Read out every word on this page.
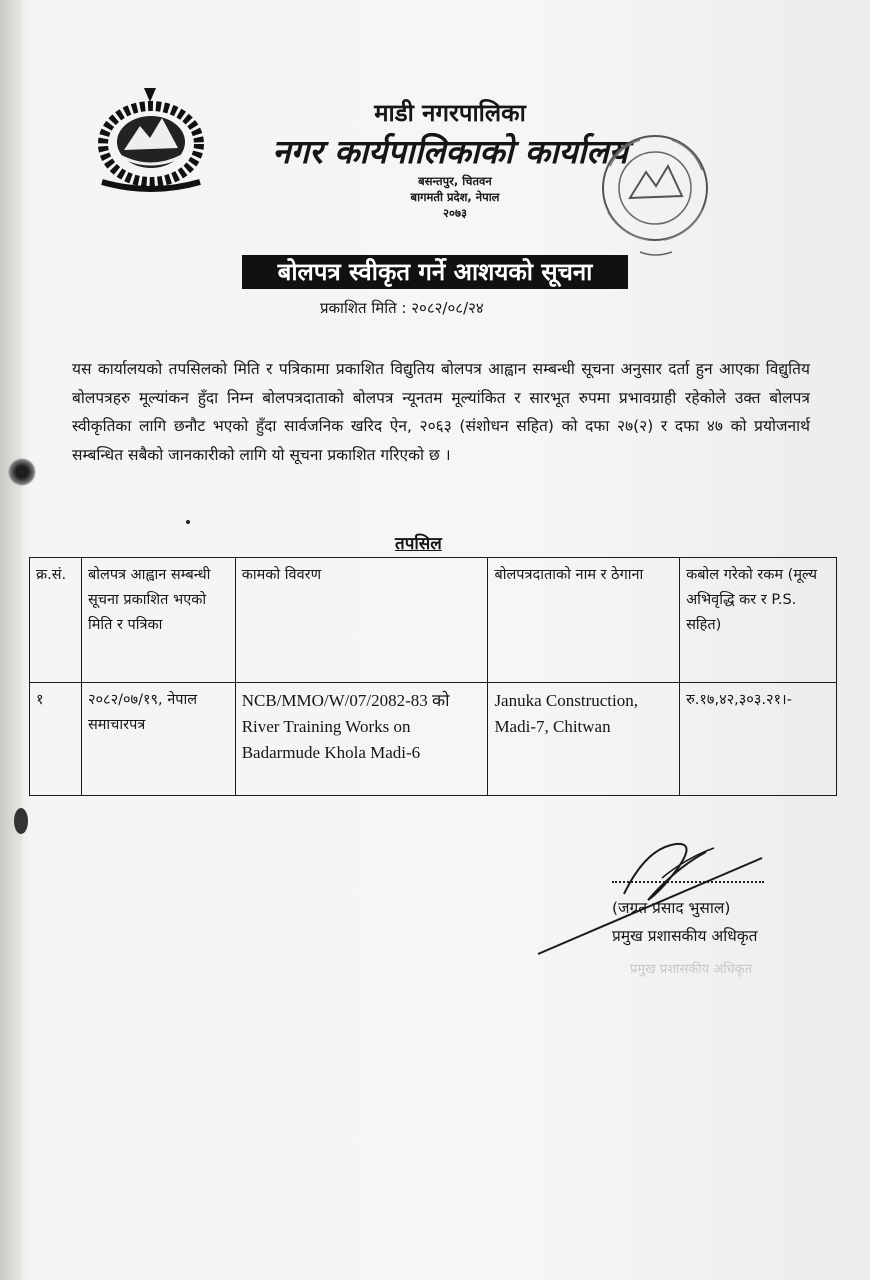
माडी नगरपालिका
नगर कार्यपालिकाको कार्यालय
बसन्तपुर, चितवन
बागमती प्रदेश, नेपाल
२०७३
बोलपत्र स्वीकृत गर्ने आशयको सूचना
प्रकाशित मिति : २०८२/०८/२४
यस कार्यालयको तपसिलको मिति र पत्रिकामा प्रकाशित विद्युतिय बोलपत्र आह्वान सम्बन्धी सूचना अनुसार दर्ता हुन आएका विद्युतिय बोलपत्रहरु मूल्यांकन हुँदा निम्न बोलपत्रदाताको बोलपत्र न्यूनतम मूल्यांकित र सारभूत रुपमा प्रभावग्राही रहेकोले उक्त बोलपत्र स्वीकृतिका लागि छनौट भएको हुँदा सार्वजनिक खरिद ऐन, २०६३ (संशोधन सहित) को दफा २७(२) र दफा ४७ को प्रयोजनार्थ सम्बन्धित सबैको जानकारीको लागि यो सूचना प्रकाशित गरिएको छ ।
तपसिल
क्र.सं.	बोलपत्र आह्वान सम्बन्धी सूचना प्रकाशित भएको मिति र पत्रिका	कामको विवरण	बोलपत्रदाताको नाम र ठेगाना	कबोल गरेको रकम (मूल्य अभिवृद्धि कर र P.S. सहित)
१	२०८२/०७/१९, नेपाल समाचारपत्र	NCB/MMO/W/07/2082-83 को River Training Works on Badarmude Khola Madi-6	Januka Construction, Madi-7, Chitwan	रु.१७,४२,३०३.२१।-
(जग्रत प्रसाद भुसाल)
प्रमुख प्रशासकीय अधिकृत
प्रमुख प्रशासकीय अधिकृत
